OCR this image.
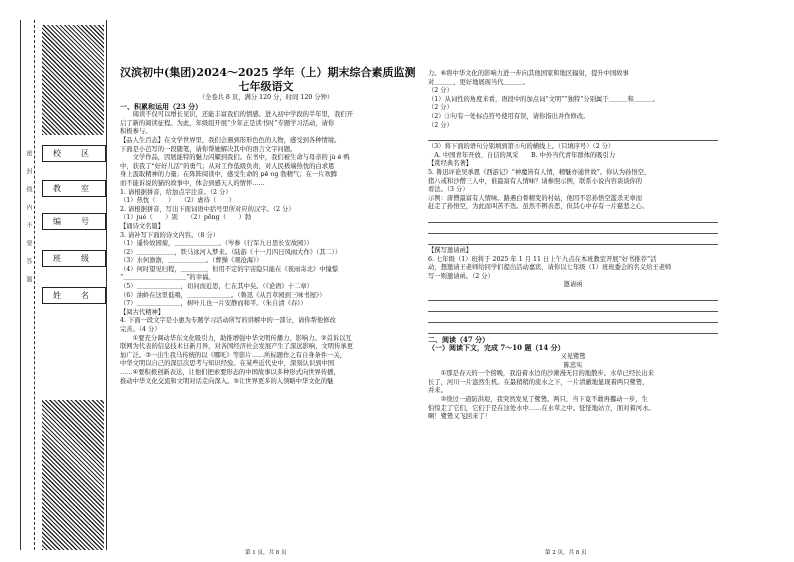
密　　封　　线　　内　　不　　要　　答　　题	校　区
教　室
编　号
班　级
姓　名

汉滨初中(集团)2024～2025 学年（上）期末综合素质监测

七年级语文

（全卷共 8 页，满分 120 分，时间 120 分钟）

一、积累和运用（23 分）

　　阅读不仅可以增长见识，还能丰富我们的情感。进入初中学段的半年里，我们开

启了新的阅读征程。为此，年级组开展“少年正是读书时”专题学习活动，请你

积极参与。

【品人生百态】在文学世界里，我们会遇到形形色色的人物，感受到各种情境。

下面是小芭写的一段随笔，请你帮她解决其中的语言文字问题。

　　文学作品，因展能特的魅力闪耀到我们。在书中，我们被生命与母亲的 jù é 鸭

中，获我了“好好儿活”的勇气；从对工作低级负责，对人民极端热忱的白求恩

身上汲取精神的力量；在阵阵阅读中，感受生命的 pē ng 勃精气；在一片欢腾

而不能诉说的猫的故事中，体会到感天人的情怀……

1. 请根据拼音，给加点字注音。（2 分）

（1）热忱（　　）　　（2）虐待（　　）

2. 请根据拼音，写出下面词语中括号里所对应的汉字。（2 分）

（1）jué（　　）别　　（2）pēng（　　）勃

【诵诗文名篇】

3. 请补写下面的诗文内容。（8 分）

（1）遥怜故园菊，＿＿＿＿＿＿＿。（岑参《行军九日思长安故园》）

（2）＿＿＿＿＿＿，铁马冰河入梦来。（陆游《十一月四日风雨大作》（其二））

（3）水何澹澹，＿＿＿＿＿＿。（曹操《观沧海》）

（4）何时望见归程，＿＿＿＿，但用不定的宇宙隐只能在《夜雨寄北》中憧憬

“＿＿＿＿＿＿＿＿＿＿”的幸福。

（5）＿＿＿＿＿＿＿，切问而近思，仁在其中矣。（《论语》十二章）

（6）油蛉在这里低唱，＿＿＿＿＿＿＿。（鲁迅《从百草园到三味书屋》）

（7）＿＿＿＿＿＿＿，树叶儿也一片安静而和平。（朱自清《春》）

【阅古代精神】

4. 下面一段文字是小惠为专题学习活动所写的讲解中的一部分，请你帮他修改

完善。（4 分）

　　①要充分调动华东文化吸引力，助推增强中华文明传播力、影响力。②首诉以互

联网为代表的信息技术日新月异，对各国经济社会发展产生了深远影响，文明传承更

加广泛。③一出生我马传统的以《哪吒》等影片……所标题作之有自身条件一关，

中华文明以自己的深层次思考与知识经验。在某些近代史中，深刻认识到中国

……④要积极创新表达，让他们把索要形态的中国故事以多种形式向世界传播，

推动中华文化交流和文明对话走向深入。⑤让世界更多的人领略中华文化的魅

第 1 页，共 8 页

力。⑥将中华文化的影响力进一步向其他国家和地区辐射，提升中国故事

对＿＿＿，更好地展现当代＿＿＿。

（2 分）

（1）从词性的角度来看，语段中的加点词“文明”“独特”分别属于＿＿＿和＿＿＿。

（2 分）

（2）③句有一处标点符号使用有误，请你指出并作修改。

（2 分）

（3）将下面的语句分别填到第⑤句的横线上。（只填序号）（2 分）

　A. 中国青年开放、自信的风采　　B. 中外当代青年群体的吸引力

【赏经典名著】

5. 鲁迅评论吴承恩《西游记》“神魔皆有人情，精魅亦通世故”。你认为孙悟空、

猪八戒和沙僧三人中，谁最富有人情味？请参照示例，联系小说内容谈谈你的

看法。（3 分）

示例：唐僧最富有人情味。路遇白骨精变的村姑，他因不忍孙悟空滥杀无辜而

赶走了孙悟空，为此而叫苦不迭。虽然不辨善恶，但其心中存有一片慈悲之心。

【撰写邀请函】

6. 七年级（1）班将于 2025 年 1 月 11 日上午九点在本班教室开展“好书推荐”活

动，想邀请王老师给同学们提出活动嘉宾，请你以七年级（1）班班委会的名义给王老师

写一则邀请函。（2 分）

邀请函

二、阅读（47 分）

（一）阅读下文，完成 7～10 题（14 分）

又见鹭鸶

陈忠实

　　①那是春天的一个傍晚，我沿着水边的沙滩漫无目的地散步。水草已经长出来

长了，河川一片盎然生机。在最稍稍的流水之下，一片清澈地显现着两只鹭鸶，

并来。

　　②绕过一道防洪堤，我突然发见了鹭鸶。两只，当下竟不敢再挪动一步，生

怕惊走了它们，它们于是在这处水中……在水草之中。怔怔地站立，面对着河水。

啊！鹭鸶又飞回来了！

第 2 页，共 8 页
